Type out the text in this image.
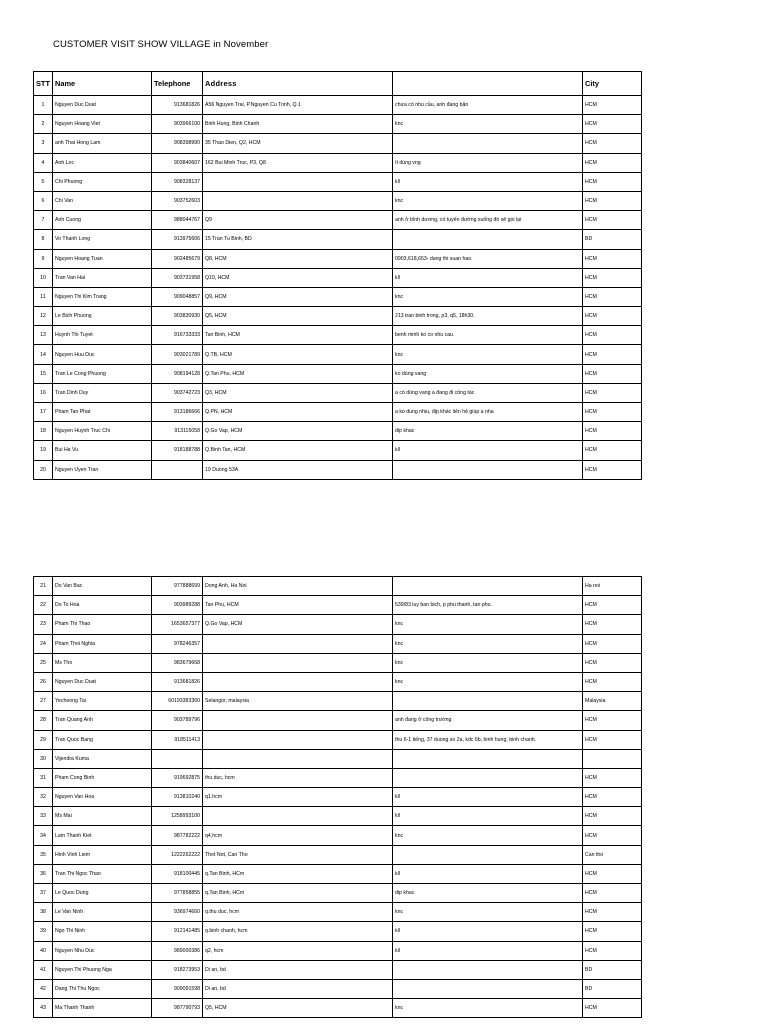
CUSTOMER VISIT SHOW VILLAGE in November
STT	Name	Telephone	Address		City
1	Nguyen Duc Duat	913681826	A56 Nguyen Trai, P.Nguyen Cu Trinh, Q.1	chưa có nhu cầu, anh đang bận	HCM
2	Nguyen Hoang Viet	903966100	Binh Hung, Binh Chanh	knc	HCM
3	anh Thai Hong Lam	908398990	35 Thao Dien, Q2, HCM		HCM
4	Anh Loc	903840607	162 Bui Minh Truc, P3, Q8	ít dùng vng	HCM
5	Chi Phuong	908328137		kll	HCM
6	Chi Van	903752603		knc	HCM
7	Anh Cuong	988044767	Q9	anh ở bình dương, có tuyến đường xuống đó sẽ gọi lại	HCM
8	Vo Thanh Long	913975606	15 Tran Tu Binh, BD		BD
9	Nguyen Hoang Tuan	902485679	Q8, HCM	0903,618,653- dang thi xuan hao.	HCM
10	Tran Van Hai	903731958	Q10, HCM	kll	HCM
11	Nguyen Thi Kim Trang	909048857	Q9, HCM	knc	HCM
12	Le Bich Phuong	903830930	Q5, HCM	213 tran binh trong, p3, q5, 18h30.	HCM
13	Huynh Thi Tuyet	916733333	Tan Binh, HCM	benh minh ko co nhu cau	HCM
14	Nguyen Huu Duc	903021789	Q.TB, HCM	knc	HCM
15	Tran Le Cong Phuong	908194128	Q.Tan Phu, HCM	ko dùng vang	HCM
16	Tran Dinh Duy	903742723	Q3, HCM	a có dùng vang a đang đi công tác	HCM
17	Pham Tan Phat	913186666	Q.PN, HCM	a ko dung nhiu, địp khác liên hệ giúp a nha	HCM
18	Nguyen Huynh Truc Chi	913115058	Q.Go Vap, HCM	dip khac	HCM
19	Bui Ha Vu	918188788	Q.Binh Tan, HCM	kll	HCM
20	Nguyen Uyen Tran		19 Duong 53A		HCM
21	Do Van Bac	977888699	Dong Anh, Ha Noi		Ha noi
22	Do To Hoa	903989288	Tan Phu, HCM	539/83 luy ban bich, p phu thanh, tan phu.	HCM
23	Pham Thi Thao	1653657377	Q.Go Vap, HCM	knc	HCM
24	Pham Thoi Nghia	978246357		knc	HCM
25	Ms Tho	983679668		knc	HCM
26	Nguyen Duc Duat	913681826		knc	HCM
27	Yecheong Tai	60193383360	Selangor, malaysia		Malaysia
28	Tran Quang Anh	903789796		anh đang ở công trường	HCM
29	Tran Quoc Bang	918511413		thu 6-1 tiếng, 37 duong so 2a, kdc 6b, binh hung, binh chanh.	HCM
30	Vijendra Kuma				
31	Pham Cong Binh	919692875	thu duc, hcm		HCM
32	Nguyen Van Hoa	913810240	q1,hcm	kll	HCM
33	Ms Mai	1258993100		kll	HCM
34	Lam Thanh Kiet	987782222	q4,hcm	knc	HCM
35	Hinh Vinh Liem	1222262222	Thot Not, Can Tho		Can tho
36	Tran Thi Ngoc Thao	918100445	q.Tan Binh, HCm	kll	HCM
37	Le Quoc Dung	977858855	q.Tan Binh, HCm	dip khac	HCM
38	Le Van Ninh	936974660	q.thu duc, hcm	knc	HCM
39	Ngo Thi Ninh	912141485	q.binh chanh, hcm	kll	HCM
40	Nguyen Nhu Duc	989000386	q2, hcm	kll	HCM
41	Nguyen Thi Phuong Nga	918273953	Di an, bd		BD
42	Dang Thi Thu Ngoc	909091598	Di an, bd		BD
43	Ma Thanh Thanh	987790793	Q5, HCM	knc	HCM
